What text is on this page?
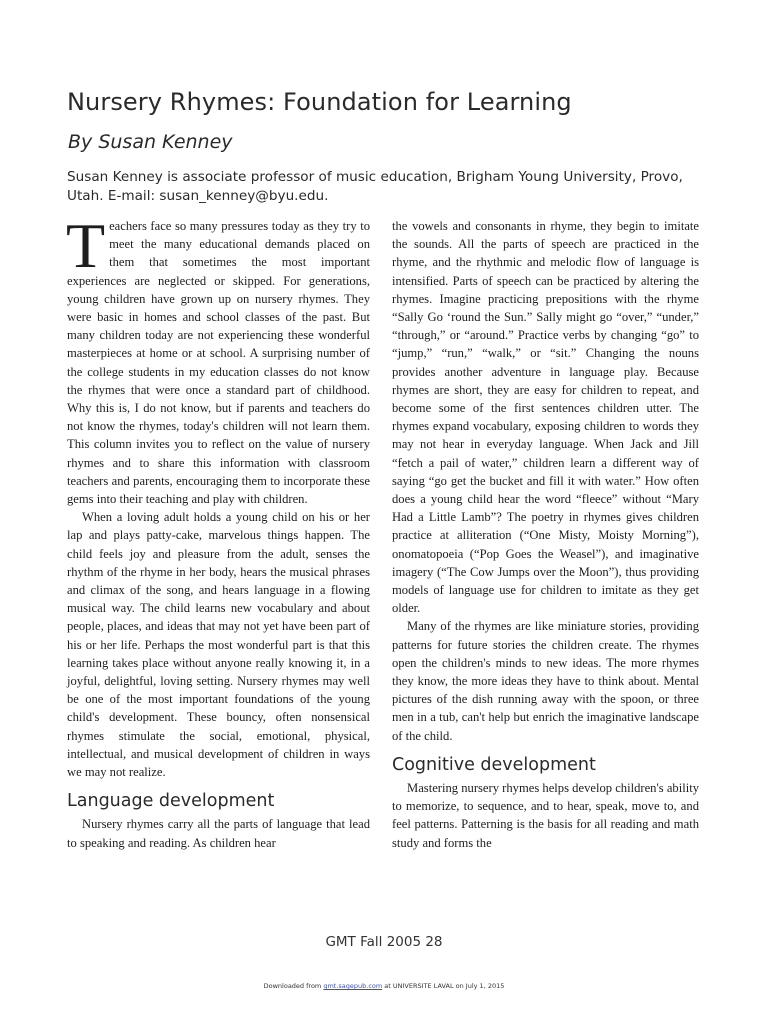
Nursery Rhymes: Foundation for Learning
By Susan Kenney
Susan Kenney is associate professor of music education, Brigham Young University, Provo, Utah. E-mail: susan_kenney@byu.edu.

Teachers face so many pressures today as they try to meet the many educational demands placed on them that sometimes the most important experiences are neglected or skipped. For generations, young children have grown up on nursery rhymes. They were basic in homes and school classes of the past. But many children today are not experiencing these wonderful masterpieces at home or at school. A surprising number of the college students in my education classes do not know the rhymes that were once a standard part of childhood. Why this is, I do not know, but if parents and teachers do not know the rhymes, today's children will not learn them. This column invites you to reflect on the value of nursery rhymes and to share this information with classroom teachers and parents, encouraging them to incorporate these gems into their teaching and play with children.

When a loving adult holds a young child on his or her lap and plays patty-cake, marvelous things happen. The child feels joy and pleasure from the adult, senses the rhythm of the rhyme in her body, hears the musical phrases and climax of the song, and hears language in a flowing musical way. The child learns new vocabulary and about people, places, and ideas that may not yet have been part of his or her life. Perhaps the most wonderful part is that this learning takes place without anyone really knowing it, in a joyful, delightful, loving setting. Nursery rhymes may well be one of the most important foundations of the young child's development. These bouncy, often nonsensical rhymes stimulate the social, emotional, physical, intellectual, and musical development of children in ways we may not realize.

Language development

Nursery rhymes carry all the parts of language that lead to speaking and reading. As children hear

the vowels and consonants in rhyme, they begin to imitate the sounds. All the parts of speech are practiced in the rhyme, and the rhythmic and melodic flow of language is intensified. Parts of speech can be practiced by altering the rhymes. Imagine practicing prepositions with the rhyme “Sally Go ‘round the Sun.” Sally might go “over,” “under,” “through,” or “around.” Practice verbs by changing “go” to “jump,” “run,” “walk,” or “sit.” Changing the nouns provides another adventure in language play. Because rhymes are short, they are easy for children to repeat, and become some of the first sentences children utter. The rhymes expand vocabulary, exposing children to words they may not hear in everyday language. When Jack and Jill “fetch a pail of water,” children learn a different way of saying “go get the bucket and fill it with water.” How often does a young child hear the word “fleece” without “Mary Had a Little Lamb”? The poetry in rhymes gives children practice at alliteration (“One Misty, Moisty Morning”), onomatopoeia (“Pop Goes the Weasel”), and imaginative imagery (“The Cow Jumps over the Moon”), thus providing models of language use for children to imitate as they get older.

Many of the rhymes are like miniature stories, providing patterns for future stories the children create. The rhymes open the children's minds to new ideas. The more rhymes they know, the more ideas they have to think about. Mental pictures of the dish running away with the spoon, or three men in a tub, can't help but enrich the imaginative landscape of the child.

Cognitive development

Mastering nursery rhymes helps develop children's ability to memorize, to sequence, and to hear, speak, move to, and feel patterns. Patterning is the basis for all reading and math study and forms the

GMT Fall 2005 28
Downloaded from gmt.sagepub.com at UNIVERSITE LAVAL on July 1, 2015
